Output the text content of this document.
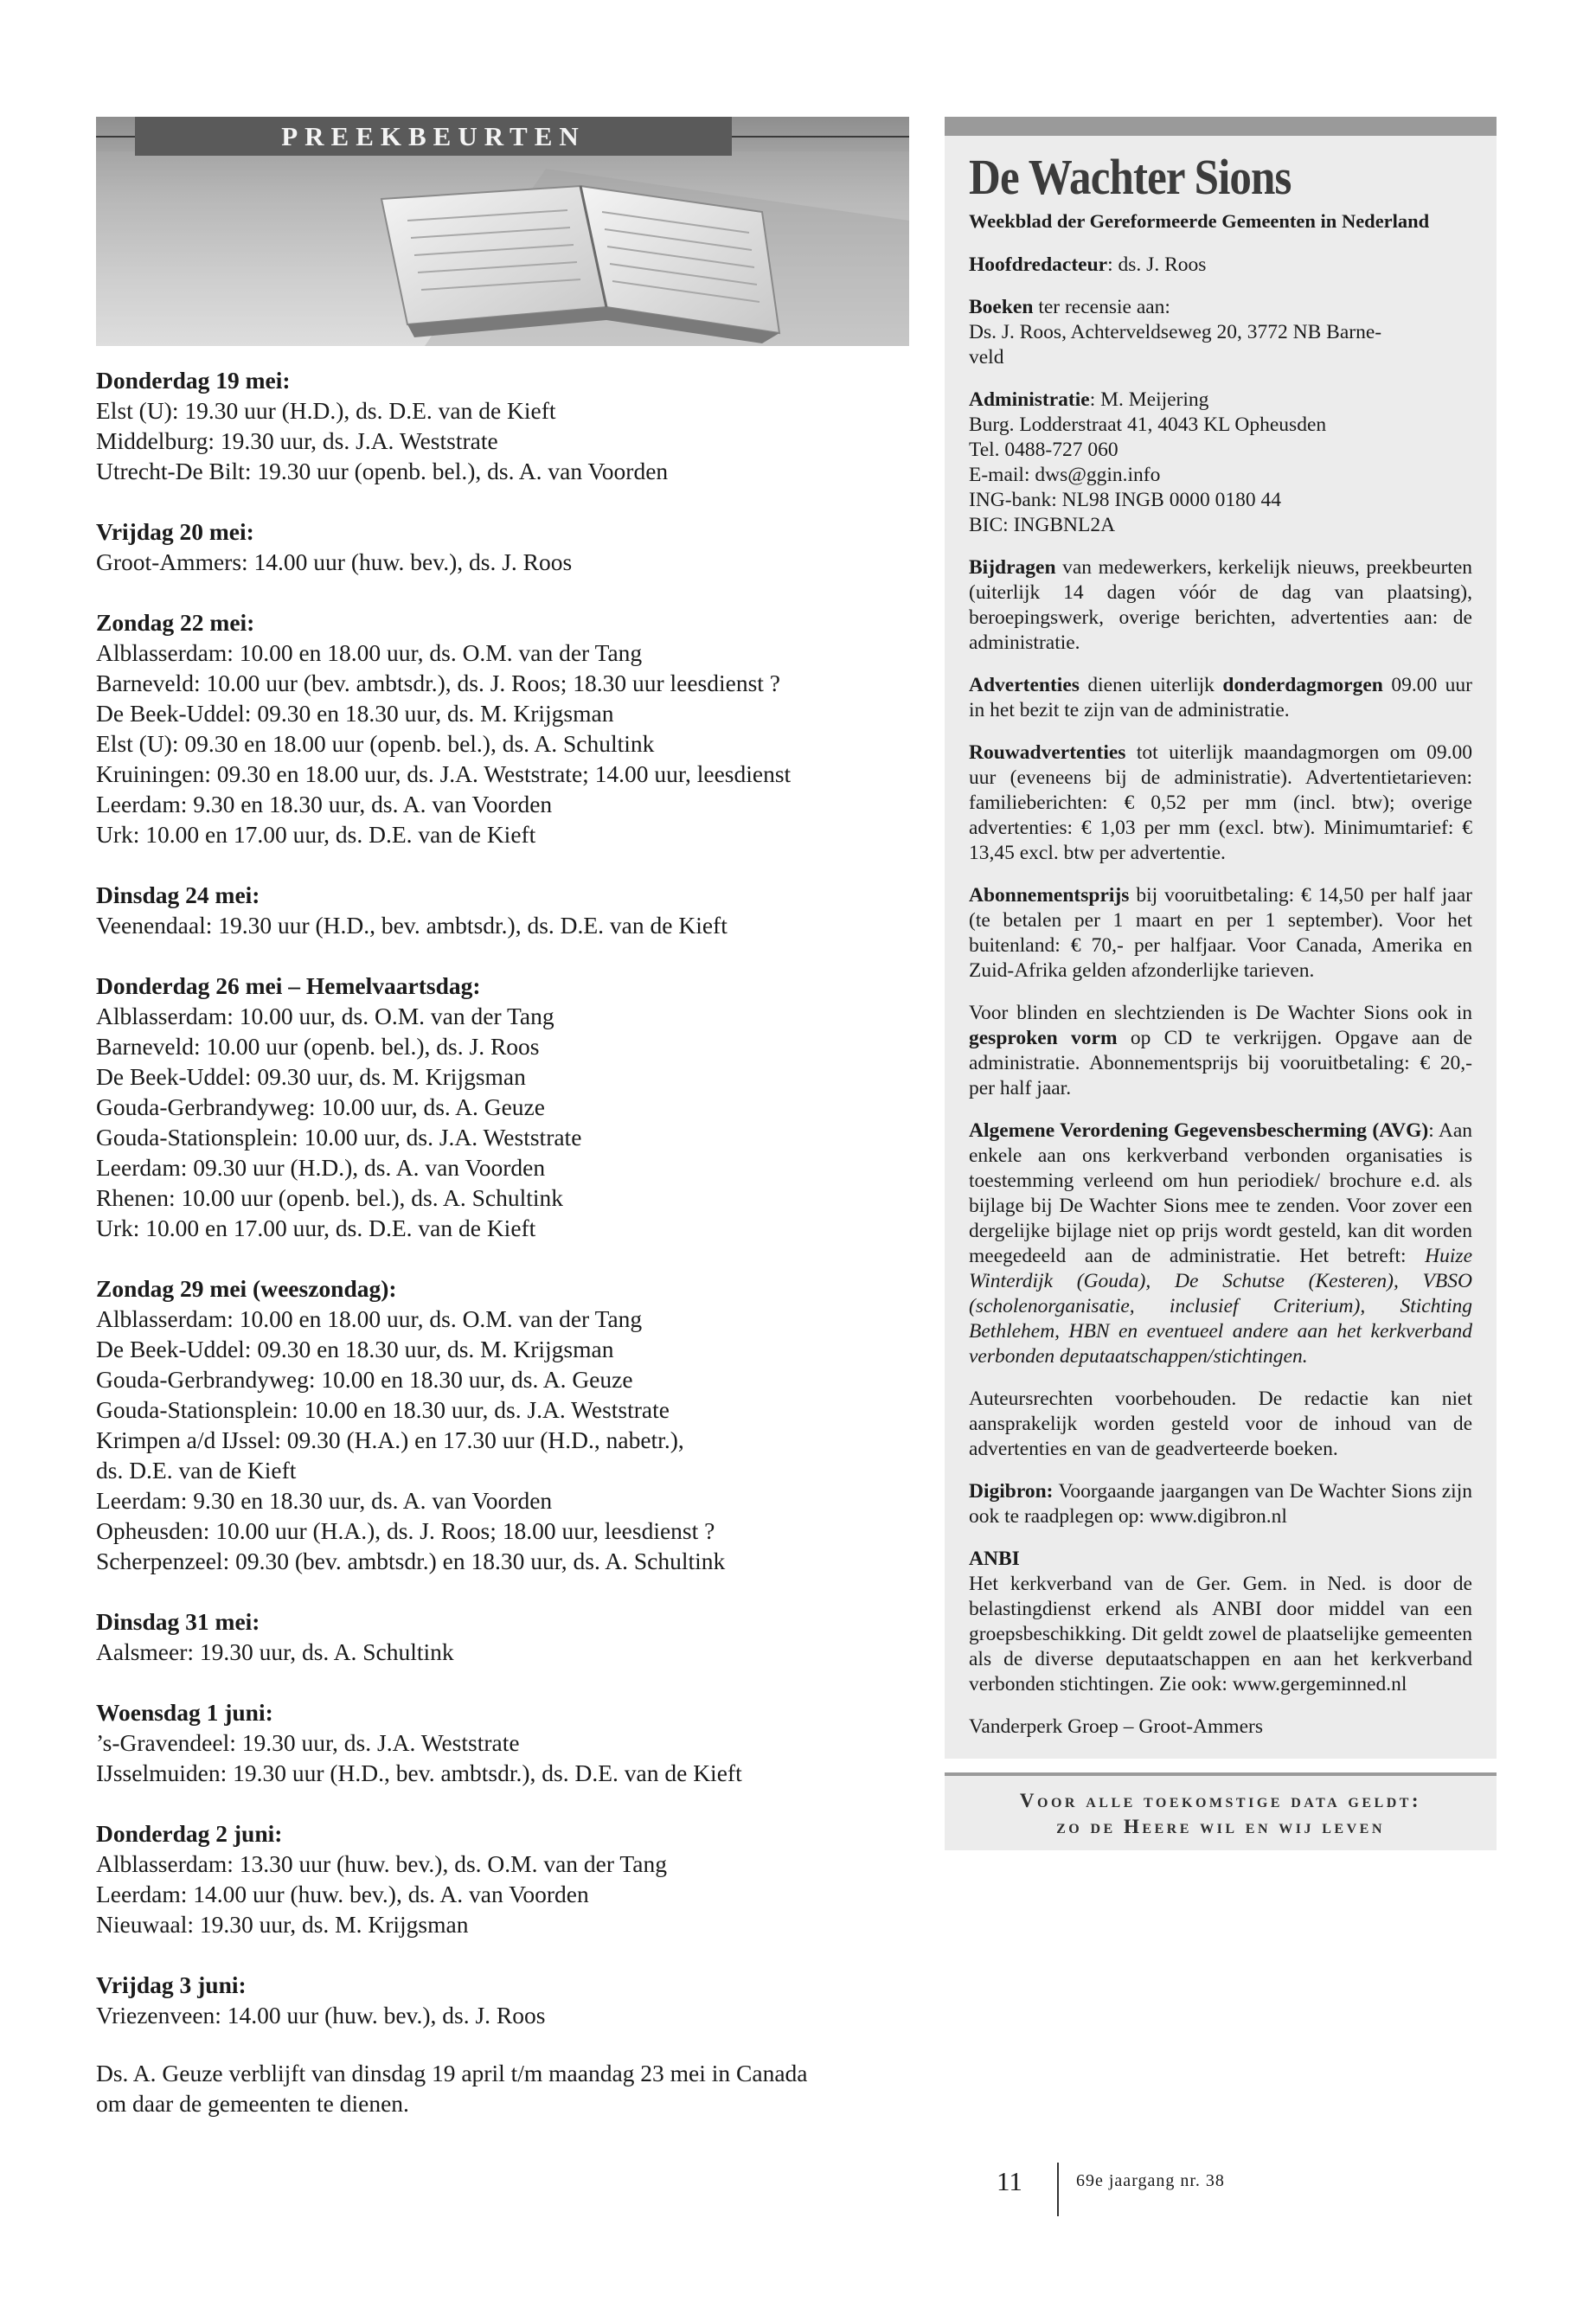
PREEKBEURTEN
Donderdag 19 mei:
Elst (U): 19.30 uur (H.D.), ds. D.E. van de Kieft
Middelburg: 19.30 uur, ds. J.A. Weststrate
Utrecht-De Bilt: 19.30 uur (openb. bel.), ds. A. van Voorden
Vrijdag 20 mei:
Groot-Ammers: 14.00 uur (huw. bev.), ds. J. Roos
Zondag 22 mei:
Alblasserdam: 10.00 en 18.00 uur, ds. O.M. van der Tang
Barneveld: 10.00 uur (bev. ambtsdr.), ds. J. Roos; 18.30 uur leesdienst ?
De Beek-Uddel: 09.30 en 18.30 uur, ds. M. Krijgsman
Elst (U): 09.30 en 18.00 uur (openb. bel.), ds. A. Schultink
Kruiningen: 09.30 en 18.00 uur, ds. J.A. Weststrate; 14.00 uur, leesdienst
Leerdam: 9.30 en 18.30 uur, ds. A. van Voorden
Urk: 10.00 en 17.00 uur, ds. D.E. van de Kieft
Dinsdag 24 mei:
Veenendaal: 19.30 uur (H.D., bev. ambtsdr.), ds. D.E. van de Kieft
Donderdag 26 mei – Hemelvaartsdag:
Alblasserdam: 10.00 uur, ds. O.M. van der Tang
Barneveld: 10.00 uur (openb. bel.), ds. J. Roos
De Beek-Uddel: 09.30 uur, ds. M. Krijgsman
Gouda-Gerbrandyweg: 10.00 uur, ds. A. Geuze
Gouda-Stationsplein: 10.00 uur, ds. J.A. Weststrate
Leerdam: 09.30 uur (H.D.), ds. A. van Voorden
Rhenen: 10.00 uur (openb. bel.), ds. A. Schultink
Urk: 10.00 en 17.00 uur, ds. D.E. van de Kieft
Zondag 29 mei (weeszondag):
Alblasserdam: 10.00 en 18.00 uur, ds. O.M. van der Tang
De Beek-Uddel: 09.30 en 18.30 uur, ds. M. Krijgsman
Gouda-Gerbrandyweg: 10.00 en 18.30 uur, ds. A. Geuze
Gouda-Stationsplein: 10.00 en 18.30 uur, ds. J.A. Weststrate
Krimpen a/d IJssel: 09.30 (H.A.) en 17.30 uur (H.D., nabetr.),
ds. D.E. van de Kieft
Leerdam: 9.30 en 18.30 uur, ds. A. van Voorden
Opheusden: 10.00 uur (H.A.), ds. J. Roos; 18.00 uur, leesdienst ?
Scherpenzeel: 09.30 (bev. ambtsdr.) en 18.30 uur, ds. A. Schultink
Dinsdag 31 mei:
Aalsmeer: 19.30 uur, ds. A. Schultink
Woensdag 1 juni:
’s-Gravendeel: 19.30 uur, ds. J.A. Weststrate
IJsselmuiden: 19.30 uur (H.D., bev. ambtsdr.), ds. D.E. van de Kieft
Donderdag 2 juni:
Alblasserdam: 13.30 uur (huw. bev.), ds. O.M. van der Tang
Leerdam: 14.00 uur (huw. bev.), ds. A. van Voorden
Nieuwaal: 19.30 uur, ds. M. Krijgsman
Vrijdag 3 juni:
Vriezenveen: 14.00 uur (huw. bev.), ds. J. Roos
Ds. A. Geuze verblijft van dinsdag 19 april t/m maandag 23 mei in Canada
om daar de gemeenten te dienen.
De Wachter Sions
Weekblad der Gereformeerde Gemeenten in Nederland
Hoofdredacteur: ds. J. Roos
Boeken ter recensie aan:
Ds. J. Roos, Achterveldseweg 20, 3772 NB Barne-
veld
Administratie: M. Meijering
Burg. Lodderstraat 41, 4043 KL Opheusden
Tel. 0488-727 060
E-mail: dws@ggin.info
ING-bank: NL98 INGB 0000 0180 44
BIC: INGBNL2A
Bijdragen van medewerkers, kerkelijk nieuws, preekbeurten (uiterlijk 14 dagen vóór de dag van plaatsing), beroepingswerk, overige berichten, advertenties aan: de administratie.
Advertenties dienen uiterlijk donderdagmorgen 09.00 uur in het bezit te zijn van de administratie.
Rouwadvertenties tot uiterlijk maandagmorgen om 09.00 uur (eveneens bij de administratie). Advertentietarieven: familieberichten: € 0,52 per mm (incl. btw); overige advertenties: € 1,03 per mm (excl. btw). Minimumtarief: € 13,45 excl. btw per advertentie.
Abonnementsprijs bij vooruitbetaling: € 14,50 per half jaar (te betalen per 1 maart en per 1 september). Voor het buitenland: € 70,- per halfjaar. Voor Canada, Amerika en Zuid-Afrika gelden afzonderlijke tarieven.
Voor blinden en slechtzienden is De Wachter Sions ook in gesproken vorm op CD te verkrijgen. Opgave aan de administratie. Abonnementsprijs bij vooruitbetaling: € 20,- per half jaar.
Algemene Verordening Gegevensbescherming (AVG): Aan enkele aan ons kerkverband verbonden organisaties is toestemming verleend om hun periodiek/ brochure e.d. als bijlage bij De Wachter Sions mee te zenden. Voor zover een dergelijke bijlage niet op prijs wordt gesteld, kan dit worden meegedeeld aan de administratie. Het betreft: Huize Winterdijk (Gouda), De Schutse (Kesteren), VBSO (scholenorganisatie, inclusief Criterium), Stichting Bethlehem, HBN en eventueel andere aan het kerkverband verbonden deputaatschappen/stichtingen.
Auteursrechten voorbehouden. De redactie kan niet aansprakelijk worden gesteld voor de inhoud van de advertenties en van de geadverteerde boeken.
Digibron: Voorgaande jaargangen van De Wachter Sions zijn ook te raadplegen op: www.digibron.nl
ANBI
Het kerkverband van de Ger. Gem. in Ned. is door de belastingdienst erkend als ANBI door middel van een groepsbeschikking. Dit geldt zowel de plaatselijke gemeenten als de diverse deputaatschappen en aan het kerkverband verbonden stichtingen. Zie ook: www.gergeminned.nl
Vanderperk Groep – Groot-Ammers
Voor alle toekomstige data geldt:
zo de Heere wil en wij leven
11	69e jaargang nr. 38
